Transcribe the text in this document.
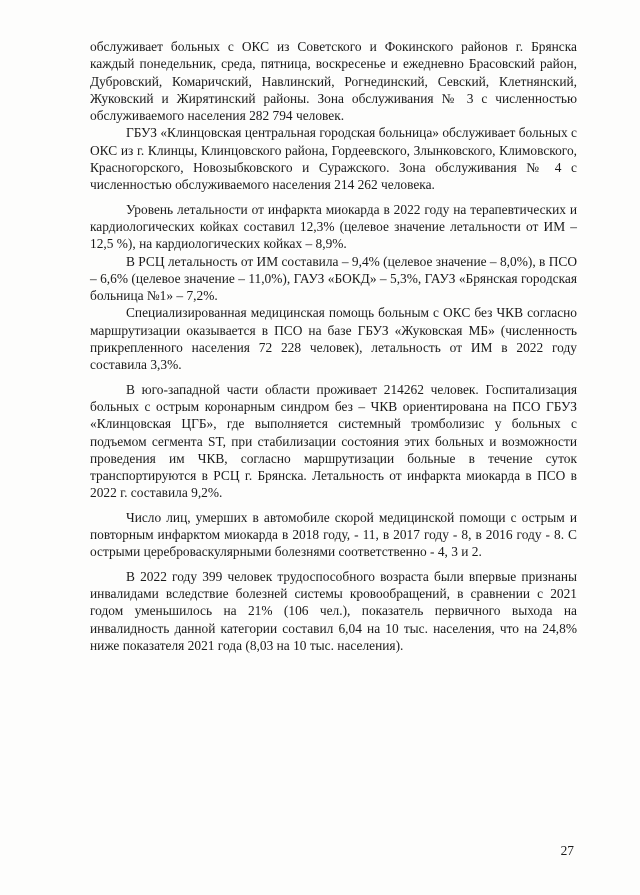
обслуживает больных с ОКС из Советского и Фокинского районов г. Брянска каждый понедельник, среда, пятница, воскресенье и ежедневно Брасовский район, Дубровский, Комаричский, Навлинский, Рогнединский, Севский, Клетнянский, Жуковский и Жирятинский районы. Зона обслуживания № 3 с численностью обслуживаемого населения 282 794 человек.

ГБУЗ «Клинцовская центральная городская больница» обслуживает больных с ОКС из г. Клинцы, Клинцовского района, Гордеевского, Злынковского, Климовского, Красногорского, Новозыбковского и Суражского. Зона обслуживания № 4 с численностью обслуживаемого населения 214 262 человека.

Уровень летальности от инфаркта миокарда в 2022 году на терапевтических и кардиологических койках составил 12,3% (целевое значение летальности от ИМ – 12,5 %), на кардиологических койках – 8,9%.

В РСЦ летальность от ИМ составила – 9,4% (целевое значение – 8,0%), в ПСО – 6,6% (целевое значение – 11,0%), ГАУЗ «БОКД» – 5,3%, ГАУЗ «Брянская городская больница №1» – 7,2%.

Специализированная медицинская помощь больным с ОКС без ЧКВ согласно маршрутизации оказывается в ПСО на базе ГБУЗ «Жуковская МБ» (численность прикрепленного населения 72 228 человек), летальность от ИМ в 2022 году составила 3,3%.

В юго-западной части области проживает 214262 человек. Госпитализация больных с острым коронарным синдром без – ЧКВ ориентирована на ПСО ГБУЗ «Клинцовская ЦГБ», где выполняется системный тромболизис у больных с подъемом сегмента ST, при стабилизации состояния этих больных и возможности проведения им ЧКВ, согласно маршрутизации больные в течение суток транспортируются в РСЦ г. Брянска. Летальность от инфаркта миокарда в ПСО в 2022 г. составила 9,2%.

Число лиц, умерших в автомобиле скорой медицинской помощи с острым и повторным инфарктом миокарда в 2018 году, - 11, в 2017 году - 8, в 2016 году - 8. С острыми цереброваскулярными болезнями соответственно - 4, 3 и 2.

В 2022 году 399 человек трудоспособного возраста были впервые признаны инвалидами вследствие болезней системы кровообращений, в сравнении с 2021 годом уменьшилось на 21% (106 чел.), показатель первичного выхода на инвалидность данной категории составил 6,04 на 10 тыс. населения, что на 24,8% ниже показателя 2021 года (8,03 на 10 тыс. населения).

27
